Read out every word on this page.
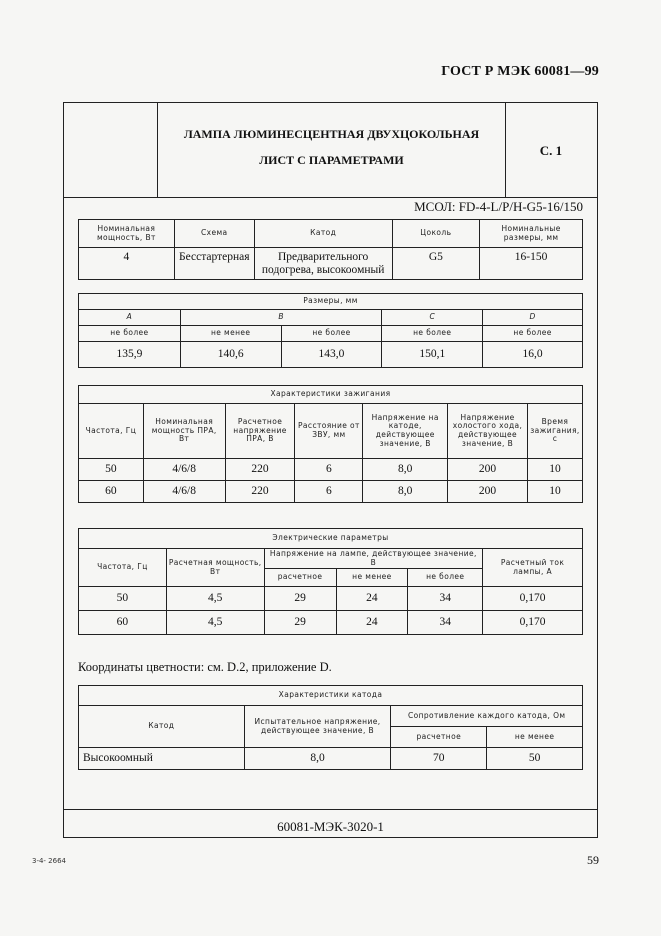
ГОСТ Р МЭК 60081—99
ЛАМПА ЛЮМИНЕСЦЕНТНАЯ ДВУХЦОКОЛЬНАЯ
ЛИСТ С ПАРАМЕТРАМИ
С. 1
МСОЛ: FD-4-L/P/H-G5-16/150
60081-МЭК-3020-1
Номинальная мощность, Вт	Схема	Катод	Цоколь	Номинальные размеры, мм
4	Бесстартерная	Предварительного подогрева, высокоомный	G5	16-150
Размеры, мм				
A	B		C	D
не более	не менее	не более	не более	не более
135,9	140,6	143,0	150,1	16,0
Характеристики зажигания						
Частота, Гц	Номинальная мощность ПРА, Вт	Расчетное напряжение ПРА, В	Расстояние от ЗВУ, мм	Напряжение на катоде, действующее значение, В	Напряжение холостого хода, действующее значение, В	Время зажигания, с
50	4/6/8	220	6	8,0	200	10
60	4/6/8	220	6	8,0	200	10
Электрические параметры					
Частота, Гц	Расчетная мощность, Вт	Напряжение на лампе, действующее значение, В			Расчетный ток лампы, А
		расчетное	не менее	не более	
50	4,5	29	24	34	0,170
60	4,5	29	24	34	0,170
Координаты цветности: см. D.2, приложение D.
Характеристики катода			
Катод	Испытательное напряжение, действующее значение, В	Сопротивление каждого катода, Ом	
		расчетное	не менее
Высокоомный	8,0	70	50
3-4- 2664	59
